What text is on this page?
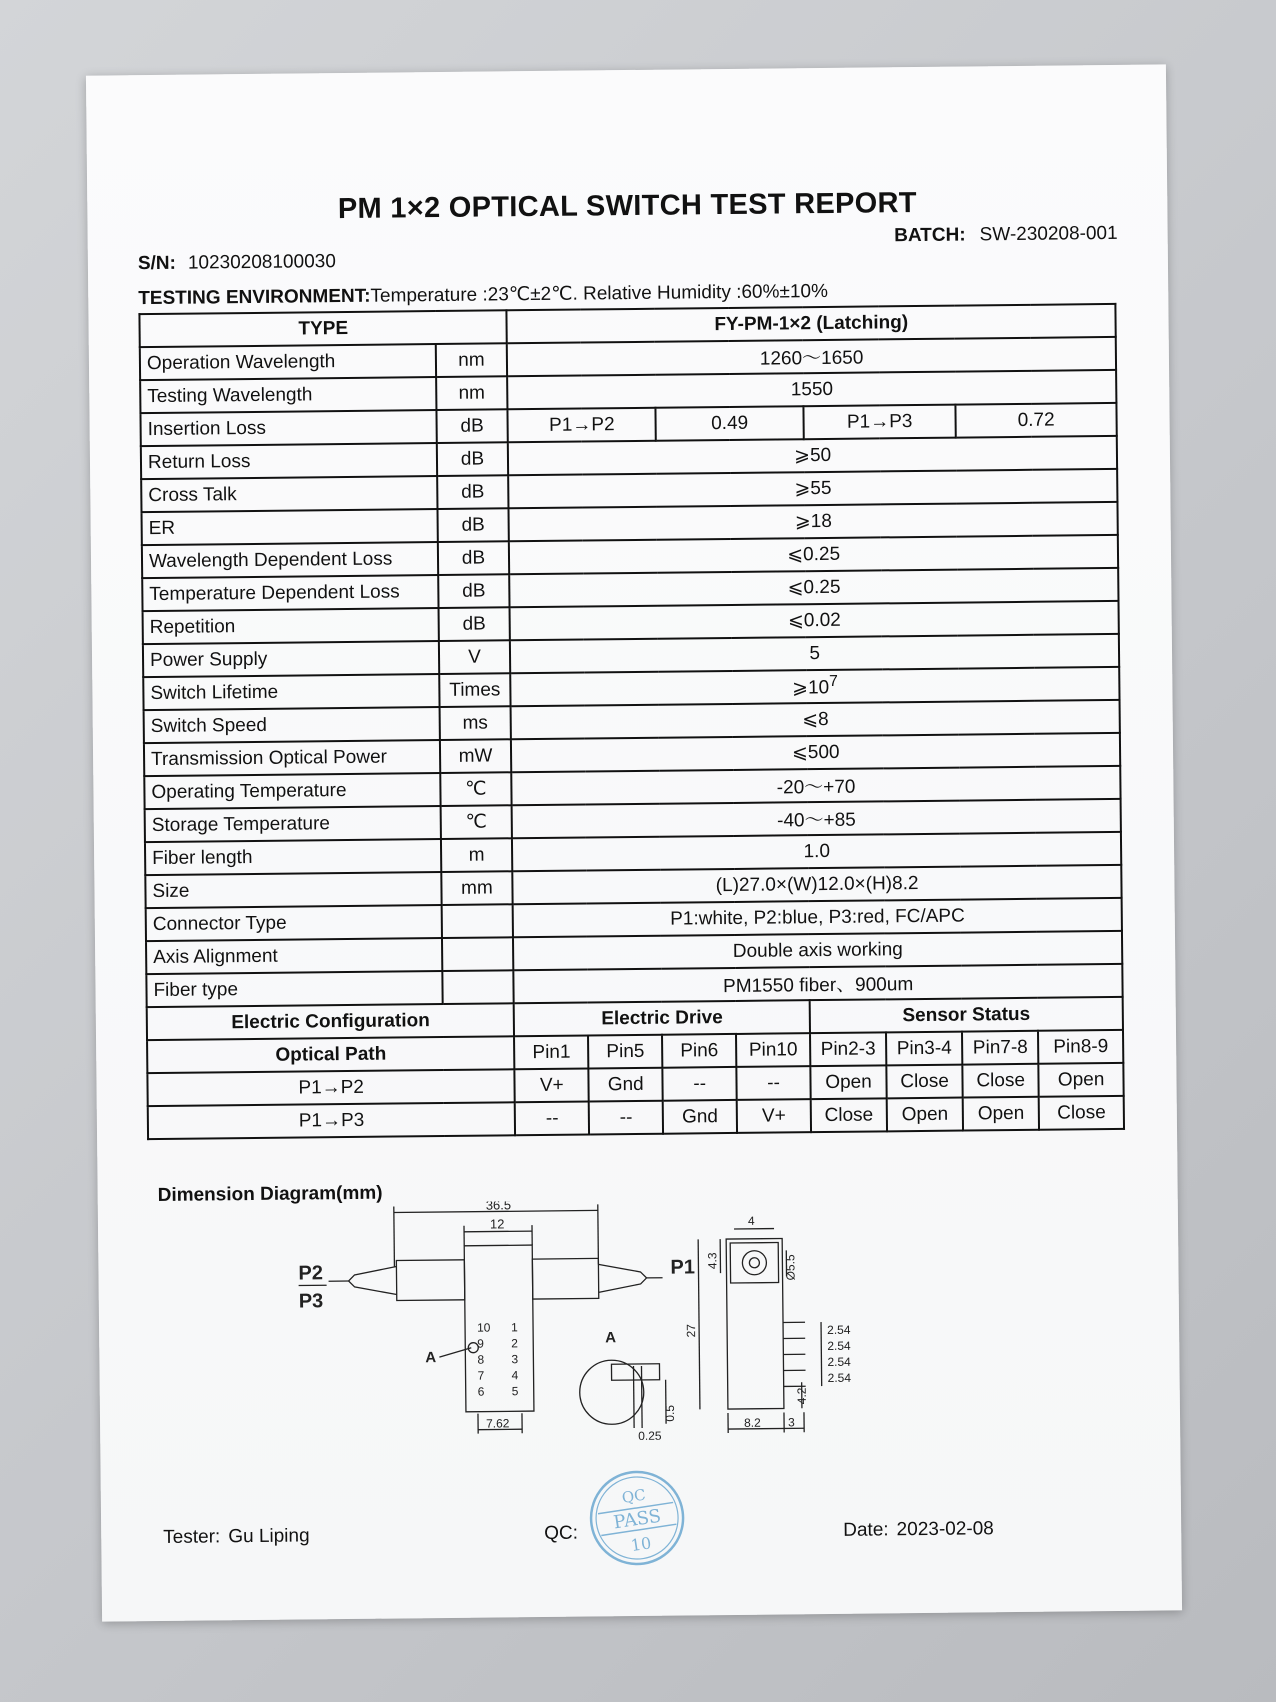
PM 1×2 OPTICAL SWITCH TEST REPORT
S/N: 10230208100030
BATCH: SW-230208-001
TESTING ENVIRONMENT:Temperature :23℃±2℃. Relative Humidity :60%±10%
TYPE		FY-PM-1×2 (Latching)							
Operation Wavelength	nm	1260～1650							
Testing Wavelength	nm	1550							
Insertion Loss	dB	P1→P2		0.49		P1→P3		0.72	
Return Loss	dB	⩾50							
Cross Talk	dB	⩾55							
ER	dB	⩾18							
Wavelength Dependent Loss	dB	⩽0.25							
Temperature Dependent Loss	dB	⩽0.25							
Repetition	dB	⩽0.02							
Power Supply	V	5							
Switch Lifetime	Times	$⩾10^7$
Switch Speed	ms	⩽8							
Transmission Optical Power	mW	⩽500							
Operating Temperature	℃	-20～+70							
Storage Temperature	℃	-40～+85							
Fiber length	m	1.0							
Size	mm	(L)27.0×(W)12.0×(H)8.2							
Connector Type		P1:white, P2:blue, P3:red, FC/APC							
Axis Alignment		Double axis working							
Fiber type		PM1550 fiber、900um							
Electric Configuration		Electric Drive				Sensor Status			
Optical Path		Pin1	Pin5	Pin6	Pin10	Pin2-3	Pin3-4	Pin7-8	Pin8-9
P1→P2		V+	Gnd	--	--	Open	Close	Close	Open
P1→P3		--	--	Gnd	V+	Close	Open	Open	Close
Dimension Diagram(mm)	36.5
12
P2
P3
P1
A
10
9
8
7
6
1
2
3
4
5
7.62
A
0.5
0.25
4
4.3	Ø5.5
27	2.54
2.54
2.54
2.54
4.2
8.2 3
Tester: Gu Liping	QC:	Date: 2023-02-08
QC
PASS
10
